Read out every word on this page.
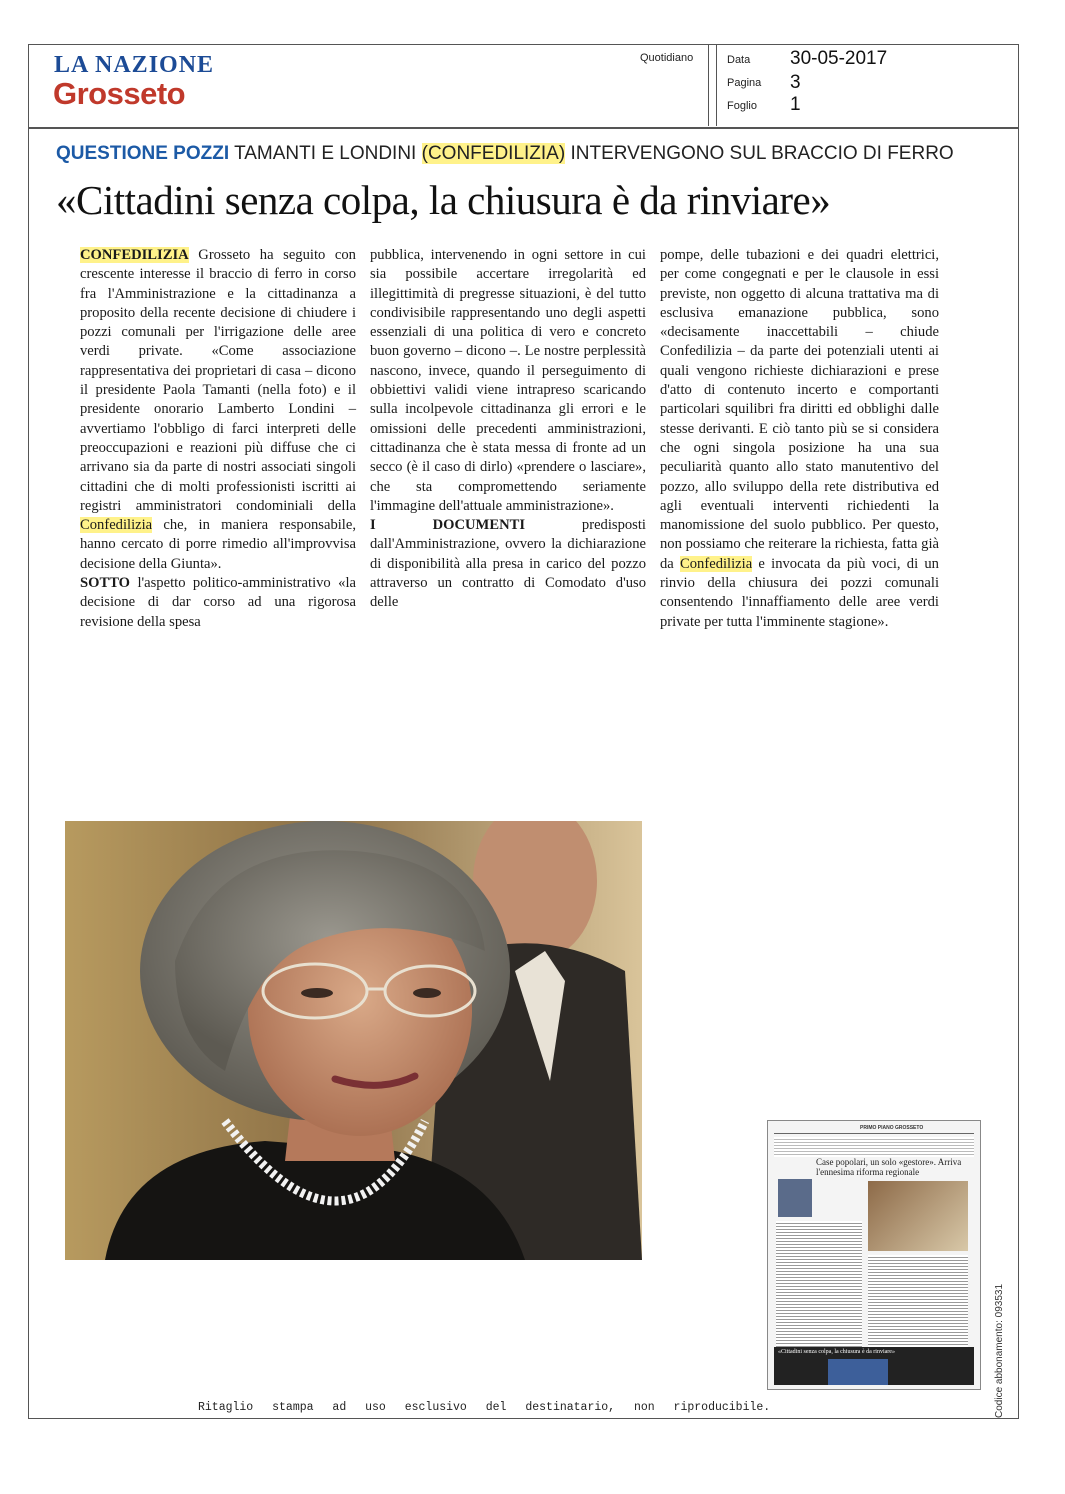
LA NAZIONE
Grosseto
Quotidiano	Data 30-05-2017
Pagina 3
Foglio 1
QUESTIONE POZZI TAMANTI E LONDINI (CONFEDILIZIA) INTERVENGONO SUL BRACCIO DI FERRO
«Cittadini senza colpa, la chiusura è da rinviare»

CONFEDILIZIA Grosseto ha seguito con crescente interesse il braccio di ferro in corso fra l'Amministrazione e la cittadinanza a proposito della recente decisione di chiudere i pozzi comunali per l'irrigazione delle aree verdi private. «Come associazione rappresentativa dei proprietari di casa – dicono il presidente Paola Tamanti (nella foto) e il presidente onorario Lamberto Londini – avvertiamo l'obbligo di farci interpreti delle preoccupazioni e reazioni più diffuse che ci arrivano sia da parte di nostri associati singoli cittadini che di molti professionisti iscritti ai registri amministratori condominiali della Confedilizia che, in maniera responsabile, hanno cercato di porre rimedio all'improvvisa decisione della Giunta».

SOTTO l'aspetto politico-amministrativo «la decisione di dar corso ad una rigorosa revisione della spesa

pubblica, intervenendo in ogni settore in cui sia possibile accertare irregolarità ed illegittimità di pregresse situazioni, è del tutto condivisibile rappresentando uno degli aspetti essenziali di una politica di vero e concreto buon governo – dicono –. Le nostre perplessità nascono, invece, quando il perseguimento di obbiettivi validi viene intrapreso scaricando sulla incolpevole cittadinanza gli errori e le omissioni delle precedenti amministrazioni, cittadinanza che è stata messa di fronte ad un secco (è il caso di dirlo) «prendere o lasciare», che sta compromettendo seriamente l'immagine dell'attuale amministrazione».

I DOCUMENTI	predisposti dall'Amministrazione, ovvero la dichiarazione di disponibilità alla presa in carico del pozzo attraverso un contratto di Comodato d'uso delle

pompe, delle tubazioni e dei quadri elettrici, per come congegnati e per le clausole in essi previste, non oggetto di alcuna trattativa ma di esclusiva emanazione pubblica, sono «decisamente inaccettabili – chiude Confedilizia – da parte dei potenziali utenti ai quali vengono richieste dichiarazioni e prese d'atto di contenuto incerto e comportanti particolari squilibri fra diritti ed obblighi dalle stesse derivanti. E ciò tanto più se si considera che ogni singola posizione ha una sua peculiarità quanto allo stato manutentivo del pozzo, allo sviluppo della rete distributiva ed agli eventuali interventi richiedenti la manomissione del suolo pubblico. Per questo, non possiamo che reiterare la richiesta, fatta già da Confedilizia e invocata da più voci, di un rinvio della chiusura dei pozzi comunali consentendo l'innaffiamento delle aree verdi private per tutta l'imminente stagione».

PRIMO PIANO GROSSETO
Case popolari, un solo «gestore». Arriva l'ennesima riforma regionale
«Cittadini senza colpa, la chiusura è da rinviare»	Codice abbonamento: 093531
Ritaglio stampa ad uso esclusivo del destinatario, non riproducibile.
